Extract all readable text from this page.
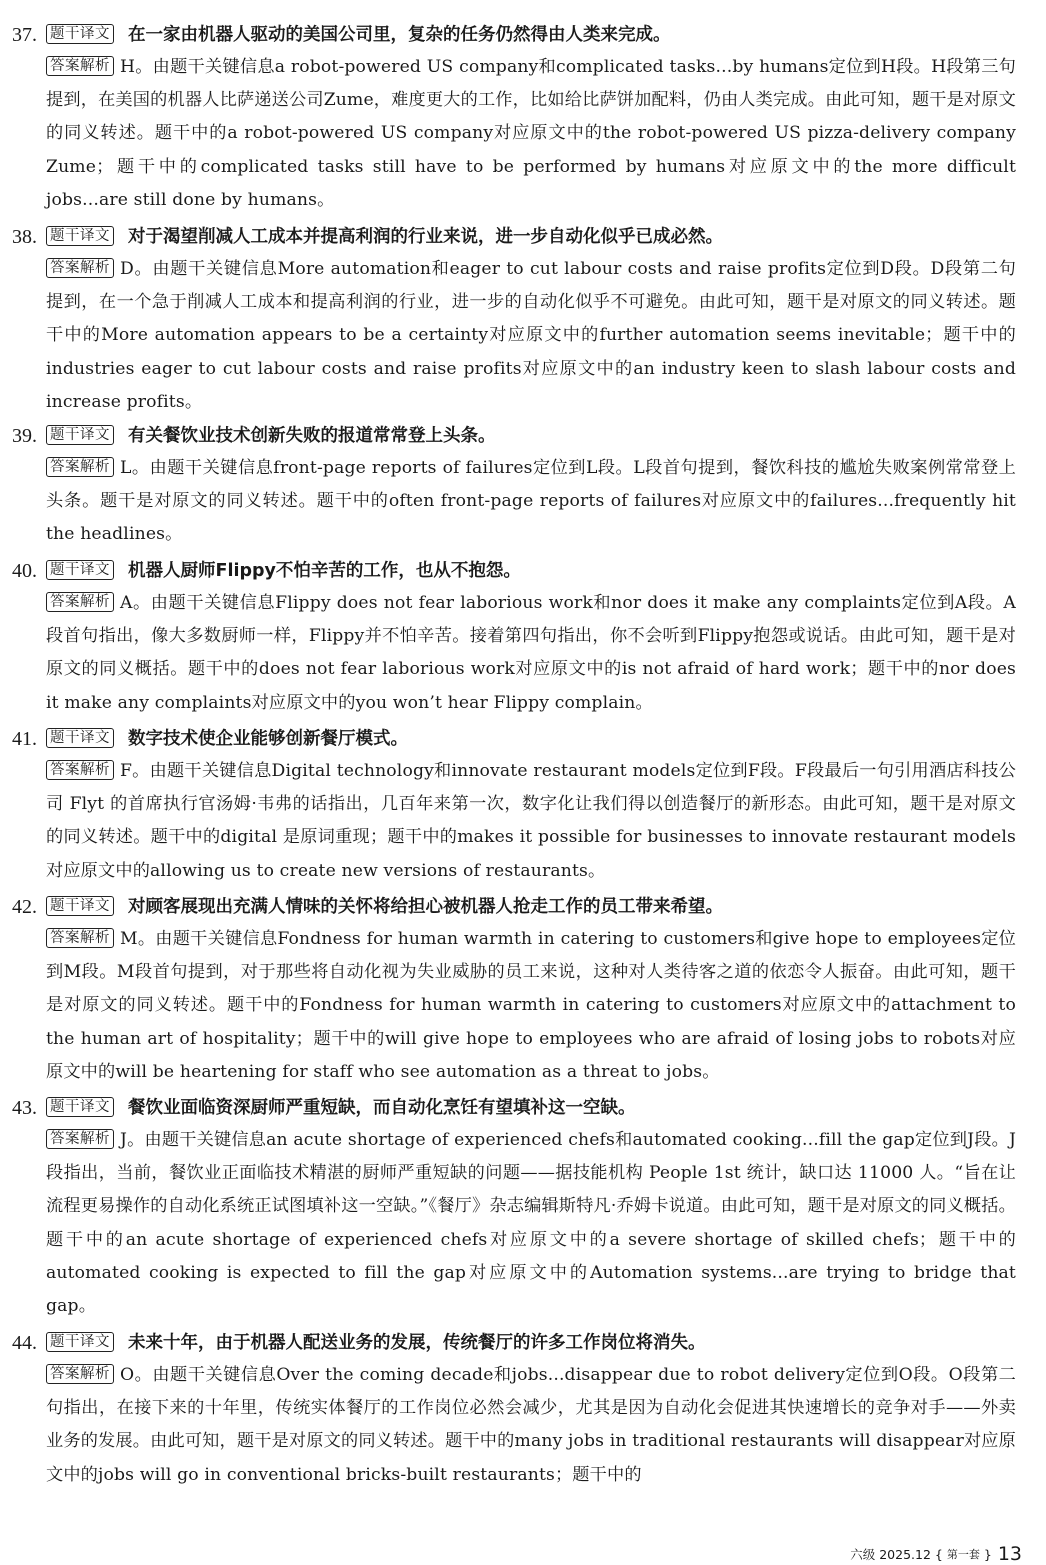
37. 题干译文 在一家由机器人驱动的美国公司里，复杂的任务仍然得由人类来完成。
答案解析 H。由题干关键信息a robot-powered US company和complicated tasks...by humans定位到H段。H段第三句提到，在美国的机器人比萨递送公司Zume，难度更大的工作，比如给比萨饼加配料，仍由人类完成。由此可知，题干是对原文的同义转述。题干中的a robot-powered US company对应原文中的the robot-powered US pizza-delivery company Zume；题干中的complicated tasks still have to be performed by humans对应原文中的the more difficult jobs...are still done by humans。
38. 题干译文 对于渴望削减人工成本并提高利润的行业来说，进一步自动化似乎已成必然。
答案解析 D。由题干关键信息More automation和eager to cut labour costs and raise profits定位到D段。D段第二句提到，在一个急于削减人工成本和提高利润的行业，进一步的自动化似乎不可避免。由此可知，题干是对原文的同义转述。题干中的More automation appears to be a certainty对应原文中的further automation seems inevitable；题干中的industries eager to cut labour costs and raise profits对应原文中的an industry keen to slash labour costs and increase profits。
39. 题干译文 有关餐饮业技术创新失败的报道常常登上头条。
答案解析 L。由题干关键信息front-page reports of failures定位到L段。L段首句提到，餐饮科技的尴尬失败案例常常登上头条。题干是对原文的同义转述。题干中的often front-page reports of failures对应原文中的failures...frequently hit the headlines。
40. 题干译文 机器人厨师Flippy不怕辛苦的工作，也从不抱怨。
答案解析 A。由题干关键信息Flippy does not fear laborious work和nor does it make any complaints定位到A段。A段首句指出，像大多数厨师一样，Flippy并不怕辛苦。接着第四句指出，你不会听到Flippy抱怨或说话。由此可知，题干是对原文的同义概括。题干中的does not fear laborious work对应原文中的is not afraid of hard work；题干中的nor does it make any complaints对应原文中的you won’t hear Flippy complain。
41. 题干译文 数字技术使企业能够创新餐厅模式。
答案解析 F。由题干关键信息Digital technology和innovate restaurant models定位到F段。F段最后一句引用酒店科技公司 Flyt 的首席执行官汤姆·韦弗的话指出，几百年来第一次，数字化让我们得以创造餐厅的新形态。由此可知，题干是对原文的同义转述。题干中的digital 是原词重现；题干中的makes it possible for businesses to innovate restaurant models对应原文中的allowing us to create new versions of restaurants。
42. 题干译文 对顾客展现出充满人情味的关怀将给担心被机器人抢走工作的员工带来希望。
答案解析 M。由题干关键信息Fondness for human warmth in catering to customers和give hope to employees定位到M段。M段首句提到，对于那些将自动化视为失业威胁的员工来说，这种对人类待客之道的依恋令人振奋。由此可知，题干是对原文的同义转述。题干中的Fondness for human warmth in catering to customers对应原文中的attachment to the human art of hospitality；题干中的will give hope to employees who are afraid of losing jobs to robots对应原文中的will be heartening for staff who see automation as a threat to jobs。
43. 题干译文 餐饮业面临资深厨师严重短缺，而自动化烹饪有望填补这一空缺。
答案解析 J。由题干关键信息an acute shortage of experienced chefs和automated cooking...fill the gap定位到J段。J段指出，当前，餐饮业正面临技术精湛的厨师严重短缺的问题——据技能机构 People 1st 统计，缺口达 11000 人。“旨在让流程更易操作的自动化系统正试图填补这一空缺。”《餐厅》杂志编辑斯特凡·乔姆卡说道。由此可知，题干是对原文的同义概括。题干中的an acute shortage of experienced chefs对应原文中的a severe shortage of skilled chefs；题干中的automated cooking is expected to fill the gap对应原文中的Automation systems...are trying to bridge that gap。
44. 题干译文 未来十年，由于机器人配送业务的发展，传统餐厅的许多工作岗位将消失。
答案解析 O。由题干关键信息Over the coming decade和jobs...disappear due to robot delivery定位到O段。O段第二句指出，在接下来的十年里，传统实体餐厅的工作岗位必然会减少，尤其是因为自动化会促进其快速增长的竞争对手——外卖业务的发展。由此可知，题干是对原文的同义转述。题干中的many jobs in traditional restaurants will disappear对应原文中的jobs will go in conventional bricks-built restaurants；题干中的
六级 2025.12 { 第一套 } 13
